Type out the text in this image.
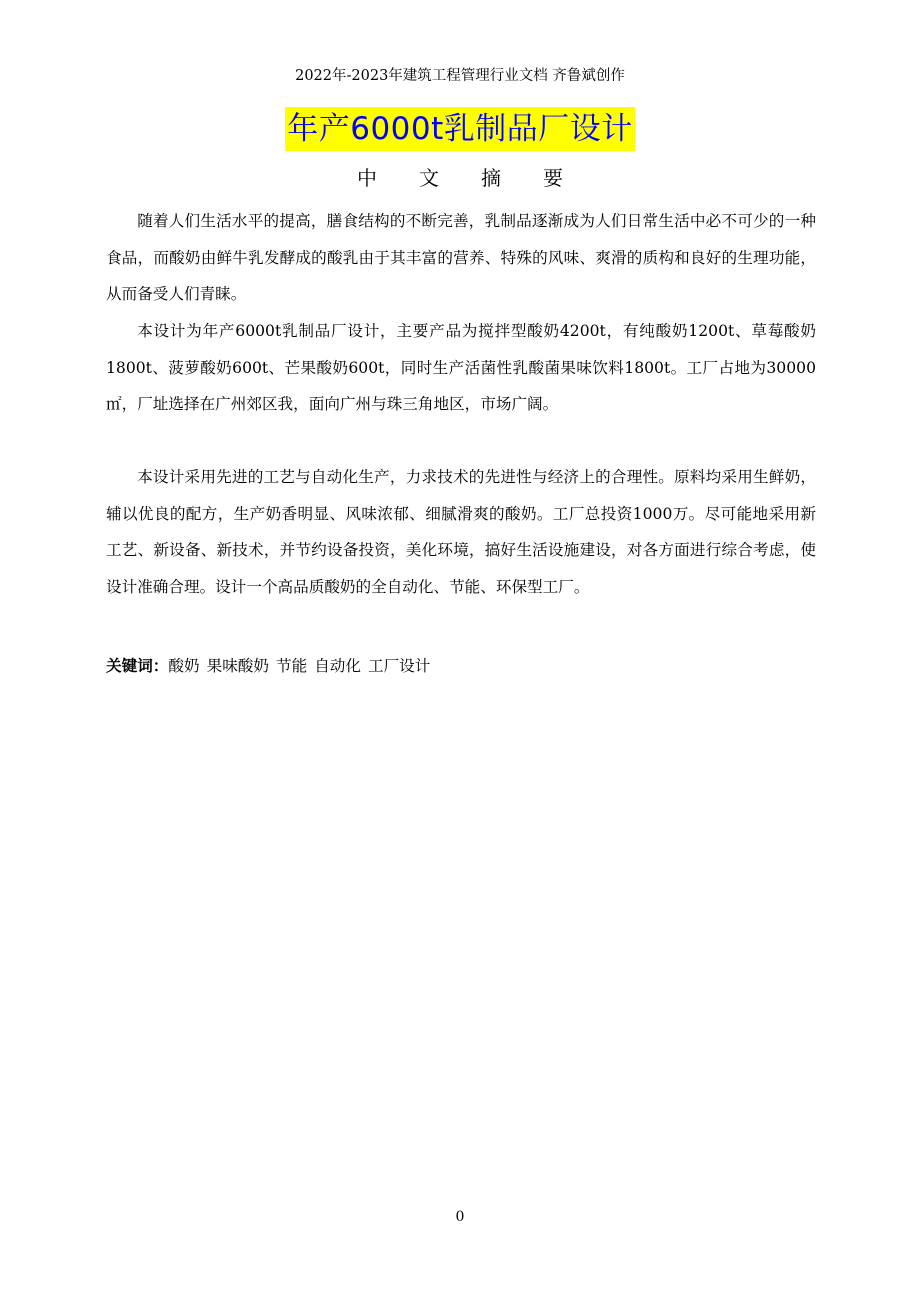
2022年-2023年建筑工程管理行业文档 齐鲁斌创作
年产6000t乳制品厂设计
中 文 摘 要

随着人们生活水平的提高，膳食结构的不断完善，乳制品逐渐成为人们日常生活中必不可少的一种食品，而酸奶由鲜牛乳发酵成的酸乳由于其丰富的营养、特殊的风味、爽滑的质构和良好的生理功能，从而备受人们青睐。

本设计为年产6000t乳制品厂设计，主要产品为搅拌型酸奶4200t，有纯酸奶1200t、草莓酸奶1800t、菠萝酸奶600t、芒果酸奶600t，同时生产活菌性乳酸菌果味饮料1800t。工厂占地为30000㎡，厂址选择在广州郊区我，面向广州与珠三角地区，市场广阔。

本设计采用先进的工艺与自动化生产，力求技术的先进性与经济上的合理性。原料均采用生鲜奶，辅以优良的配方，生产奶香明显、风味浓郁、细腻滑爽的酸奶。工厂总投资1000万。尽可能地采用新工艺、新设备、新技术，并节约设备投资，美化环境，搞好生活设施建设，对各方面进行综合考虑，使设计准确合理。设计一个高品质酸奶的全自动化、节能、环保型工厂。

关键词：酸奶 果味酸奶 节能 自动化 工厂设计
0
